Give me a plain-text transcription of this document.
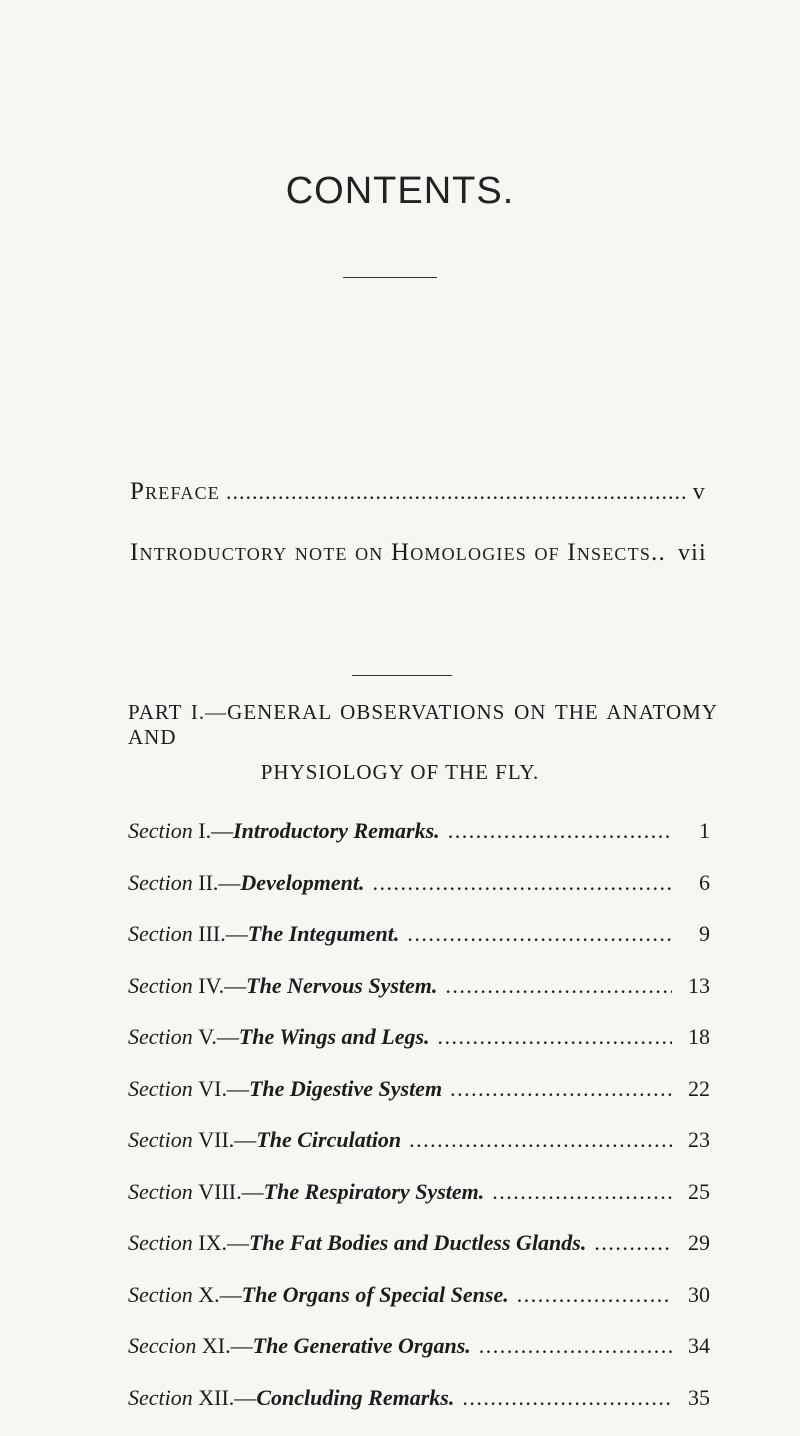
CONTENTS.
Preface .....	v
Introductory note on Homologies of Insects.. vii
PART I.—GENERAL OBSERVATIONS ON THE ANATOMY AND
PHYSIOLOGY OF THE FLY.
Section
I.— Introductory Remarks. .....	1
Section
II.— Development. .....	6
Section
III.— The Integument. .....	9
Section
IV.— The Nervous System. .....	13
Section
V.— The Wings and Legs. .....	18
Section
VI.— The Digestive System .....	22
Section
VII.— The Circulation .....	23
Section
VIII.— The Respiratory System. .....	25
Section
IX.— The Fat Bodies and Ductless Glands. .....	29
Section
X.— The Organs of Special Sense. .....	30
Seccion
XI.— The Generative Organs. .....	34
Section
XII.— Concluding Remarks. .....	35
